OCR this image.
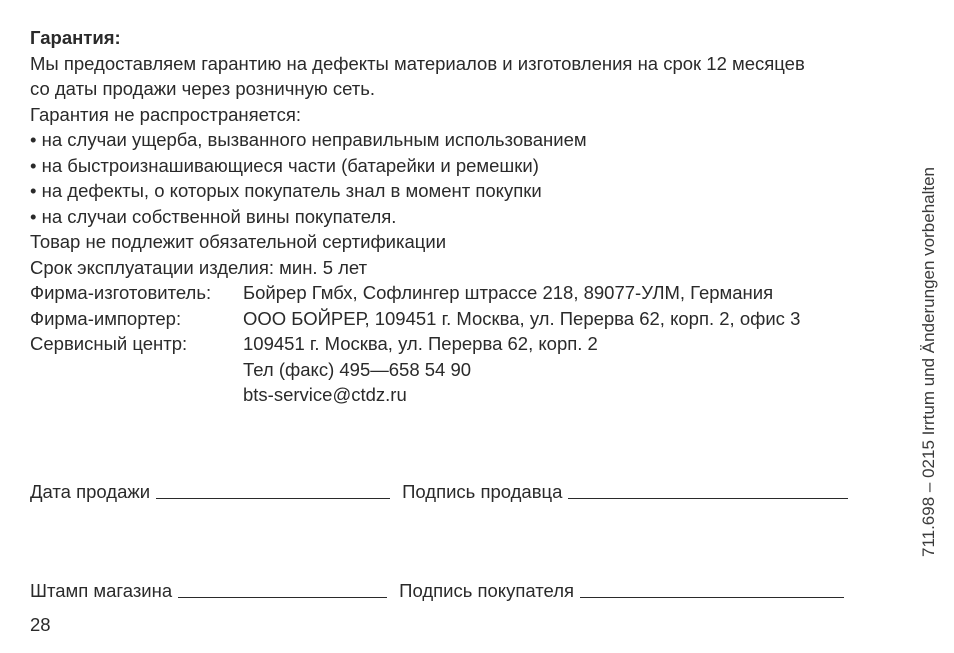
Гарантия:
Мы предоставляем гарантию на дефекты материалов и изготовления на срок 12 месяцев
со даты продажи через розничную сеть.
Гарантия не распространяется:
• на случаи ущерба, вызванного неправильным использованием
• на быстроизнашивающиеся части (батарейки и ремешки)
• на дефекты, о которых покупатель знал в момент покупки
• на случаи собственной вины покупателя.
Товар не подлежит обязательной сертификации
Срок эксплуатации изделия: мин. 5 лет
Фирма-изготовитель:	Бойрер Гмбх, Софлингер штрассе 218, 89077-УЛМ, Германия
Фирма-импортер:	ООО БОЙРЕР, 109451 г. Москва, ул. Перерва 62, корп. 2, офис 3
Сервисный центр:	109451 г. Москва, ул. Перерва 62, корп. 2
Тел (факс) 495—658 54 90
bts-service@ctdz.ru
Дата продажи	Подпись продавца
Штамп магазина	Подпись покупателя
28
711.698 – 0215 Irrtum und Änderungen vorbehalten
